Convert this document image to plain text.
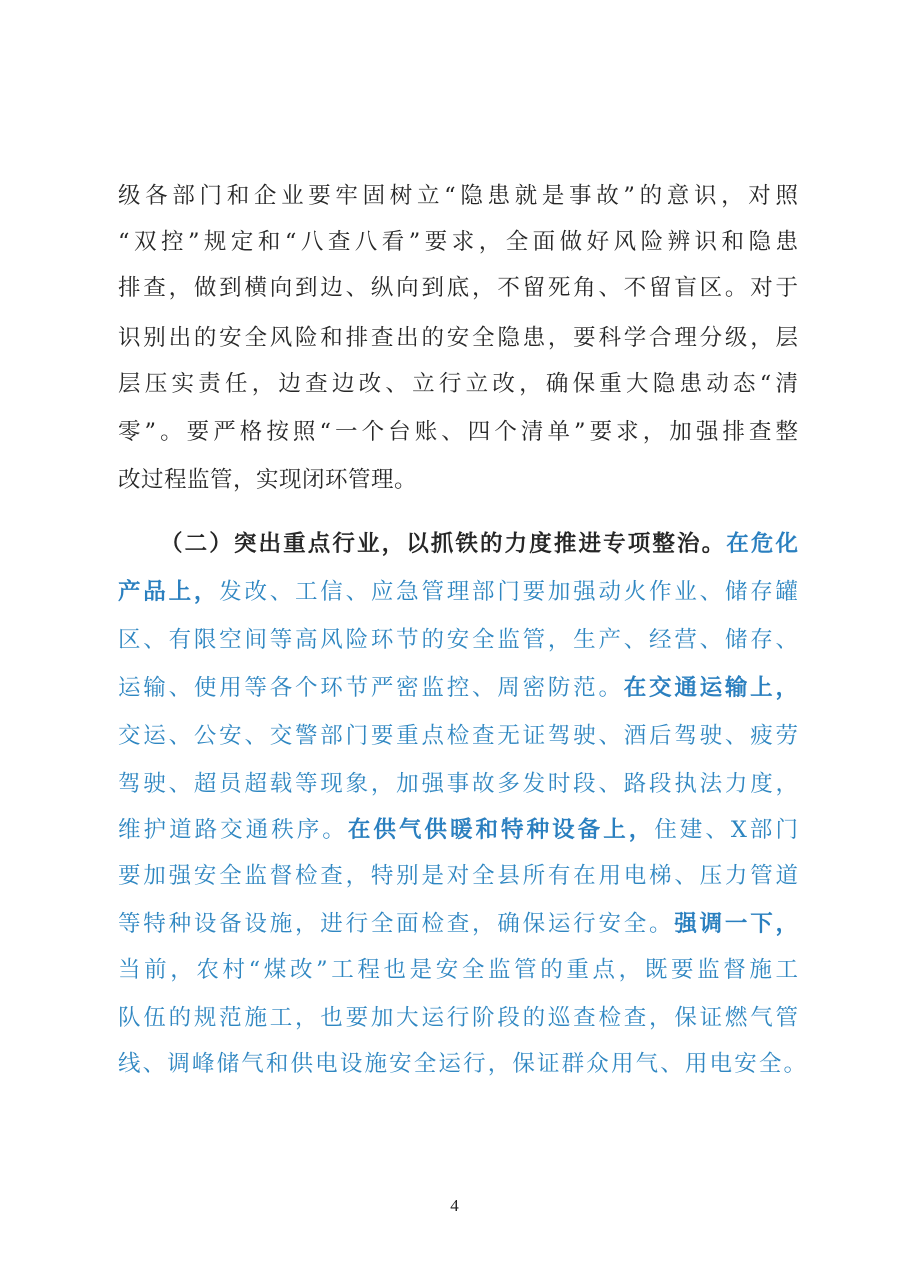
级各部门和企业要牢固树立“隐患就是事故”的意识，对照
“双控”规定和“八查八看”要求，全面做好风险辨识和隐患
排查，做到横向到边、纵向到底，不留死角、不留盲区。对于
识别出的安全风险和排查出的安全隐患，要科学合理分级，层
层压实责任，边查边改、立行立改，确保重大隐患动态“清
零”。要严格按照“一个台账、四个清单”要求，加强排查整
改过程监管，实现闭环管理。
（二）突出重点行业，以抓铁的力度推进专项整治。在危化
产品上，发改、工信、应急管理部门要加强动火作业、储存罐
区、有限空间等高风险环节的安全监管，生产、经营、储存、
运输、使用等各个环节严密监控、周密防范。在交通运输上，
交运、公安、交警部门要重点检查无证驾驶、酒后驾驶、疲劳
驾驶、超员超载等现象，加强事故多发时段、路段执法力度，
维护道路交通秩序。在供气供暖和特种设备上，住建、X部门
要加强安全监督检查，特别是对全县所有在用电梯、压力管道
等特种设备设施，进行全面检查，确保运行安全。强调一下，
当前，农村“煤改”工程也是安全监管的重点，既要监督施工
队伍的规范施工，也要加大运行阶段的巡查检查，保证燃气管
线、调峰储气和供电设施安全运行，保证群众用气、用电安全。
4
